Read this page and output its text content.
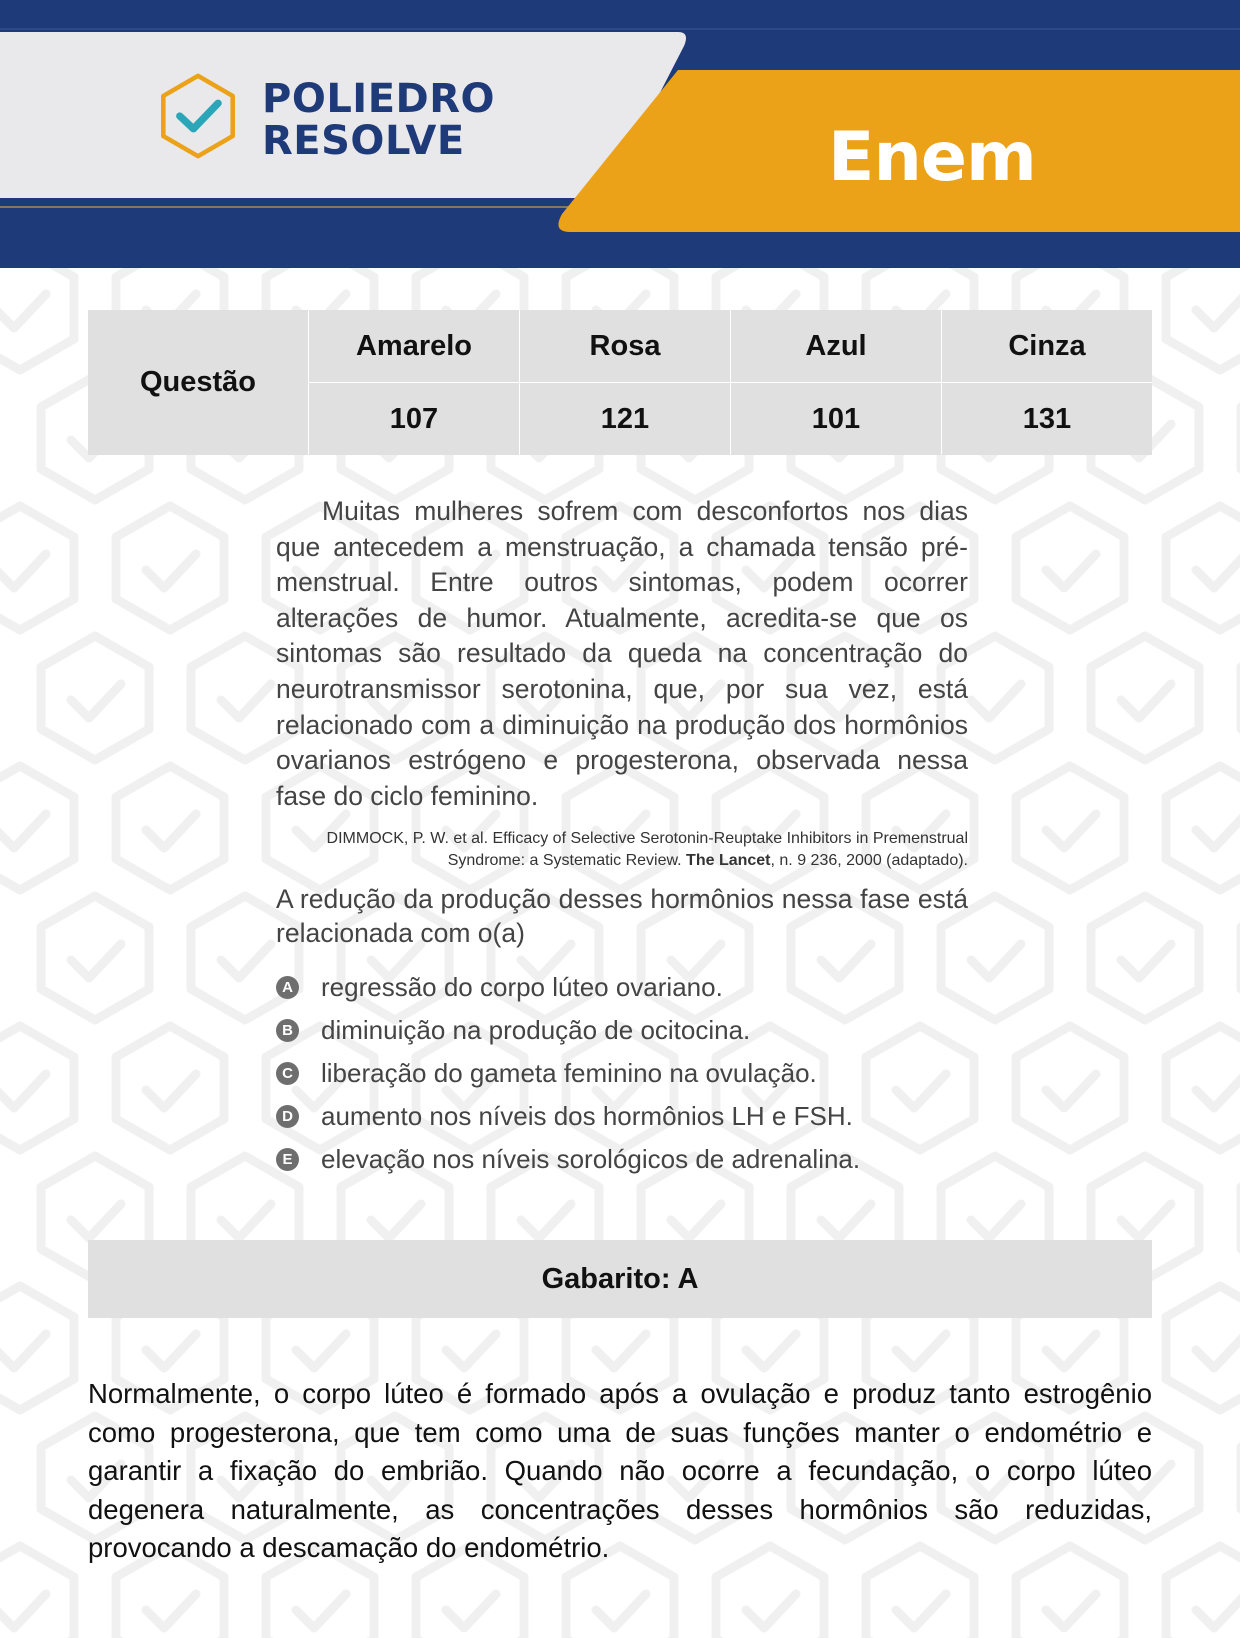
POLIEDRO
RESOLVE	Enem
Questão
Amarelo	Rosa	Azul	Cinza
107	121	101	131

Muitas mulheres sofrem com desconfortos nos dias que antecedem a menstruação, a chamada tensão pré-menstrual. Entre outros sintomas, podem ocorrer alterações de humor. Atualmente, acredita-se que os sintomas são resultado da queda na concentração do neurotransmissor serotonina, que, por sua vez, está relacionado com a diminuição na produção dos hormônios ovarianos estrógeno e progesterona, observada nessa fase do ciclo feminino.

DIMMOCK, P. W. et al. Efficacy of Selective Serotonin-Reuptake Inhibitors in Premenstrual
Syndrome: a Systematic Review. The Lancet, n. 9 236, 2000 (adaptado).

A redução da produção desses hormônios nessa fase está relacionada com o(a)

A regressão do corpo lúteo ovariano.
B diminuição na produção de ocitocina.
C liberação do gameta feminino na ovulação.
D aumento nos níveis dos hormônios LH e FSH.
E elevação nos níveis sorológicos de adrenalina.
Gabarito: A

Normalmente, o corpo lúteo é formado após a ovulação e produz tanto estrogênio como progesterona, que tem como uma de suas funções manter o endométrio e garantir a fixação do embrião. Quando não ocorre a fecundação, o corpo lúteo degenera naturalmente, as concentrações desses hormônios são reduzidas, provocando a descamação do endométrio.
